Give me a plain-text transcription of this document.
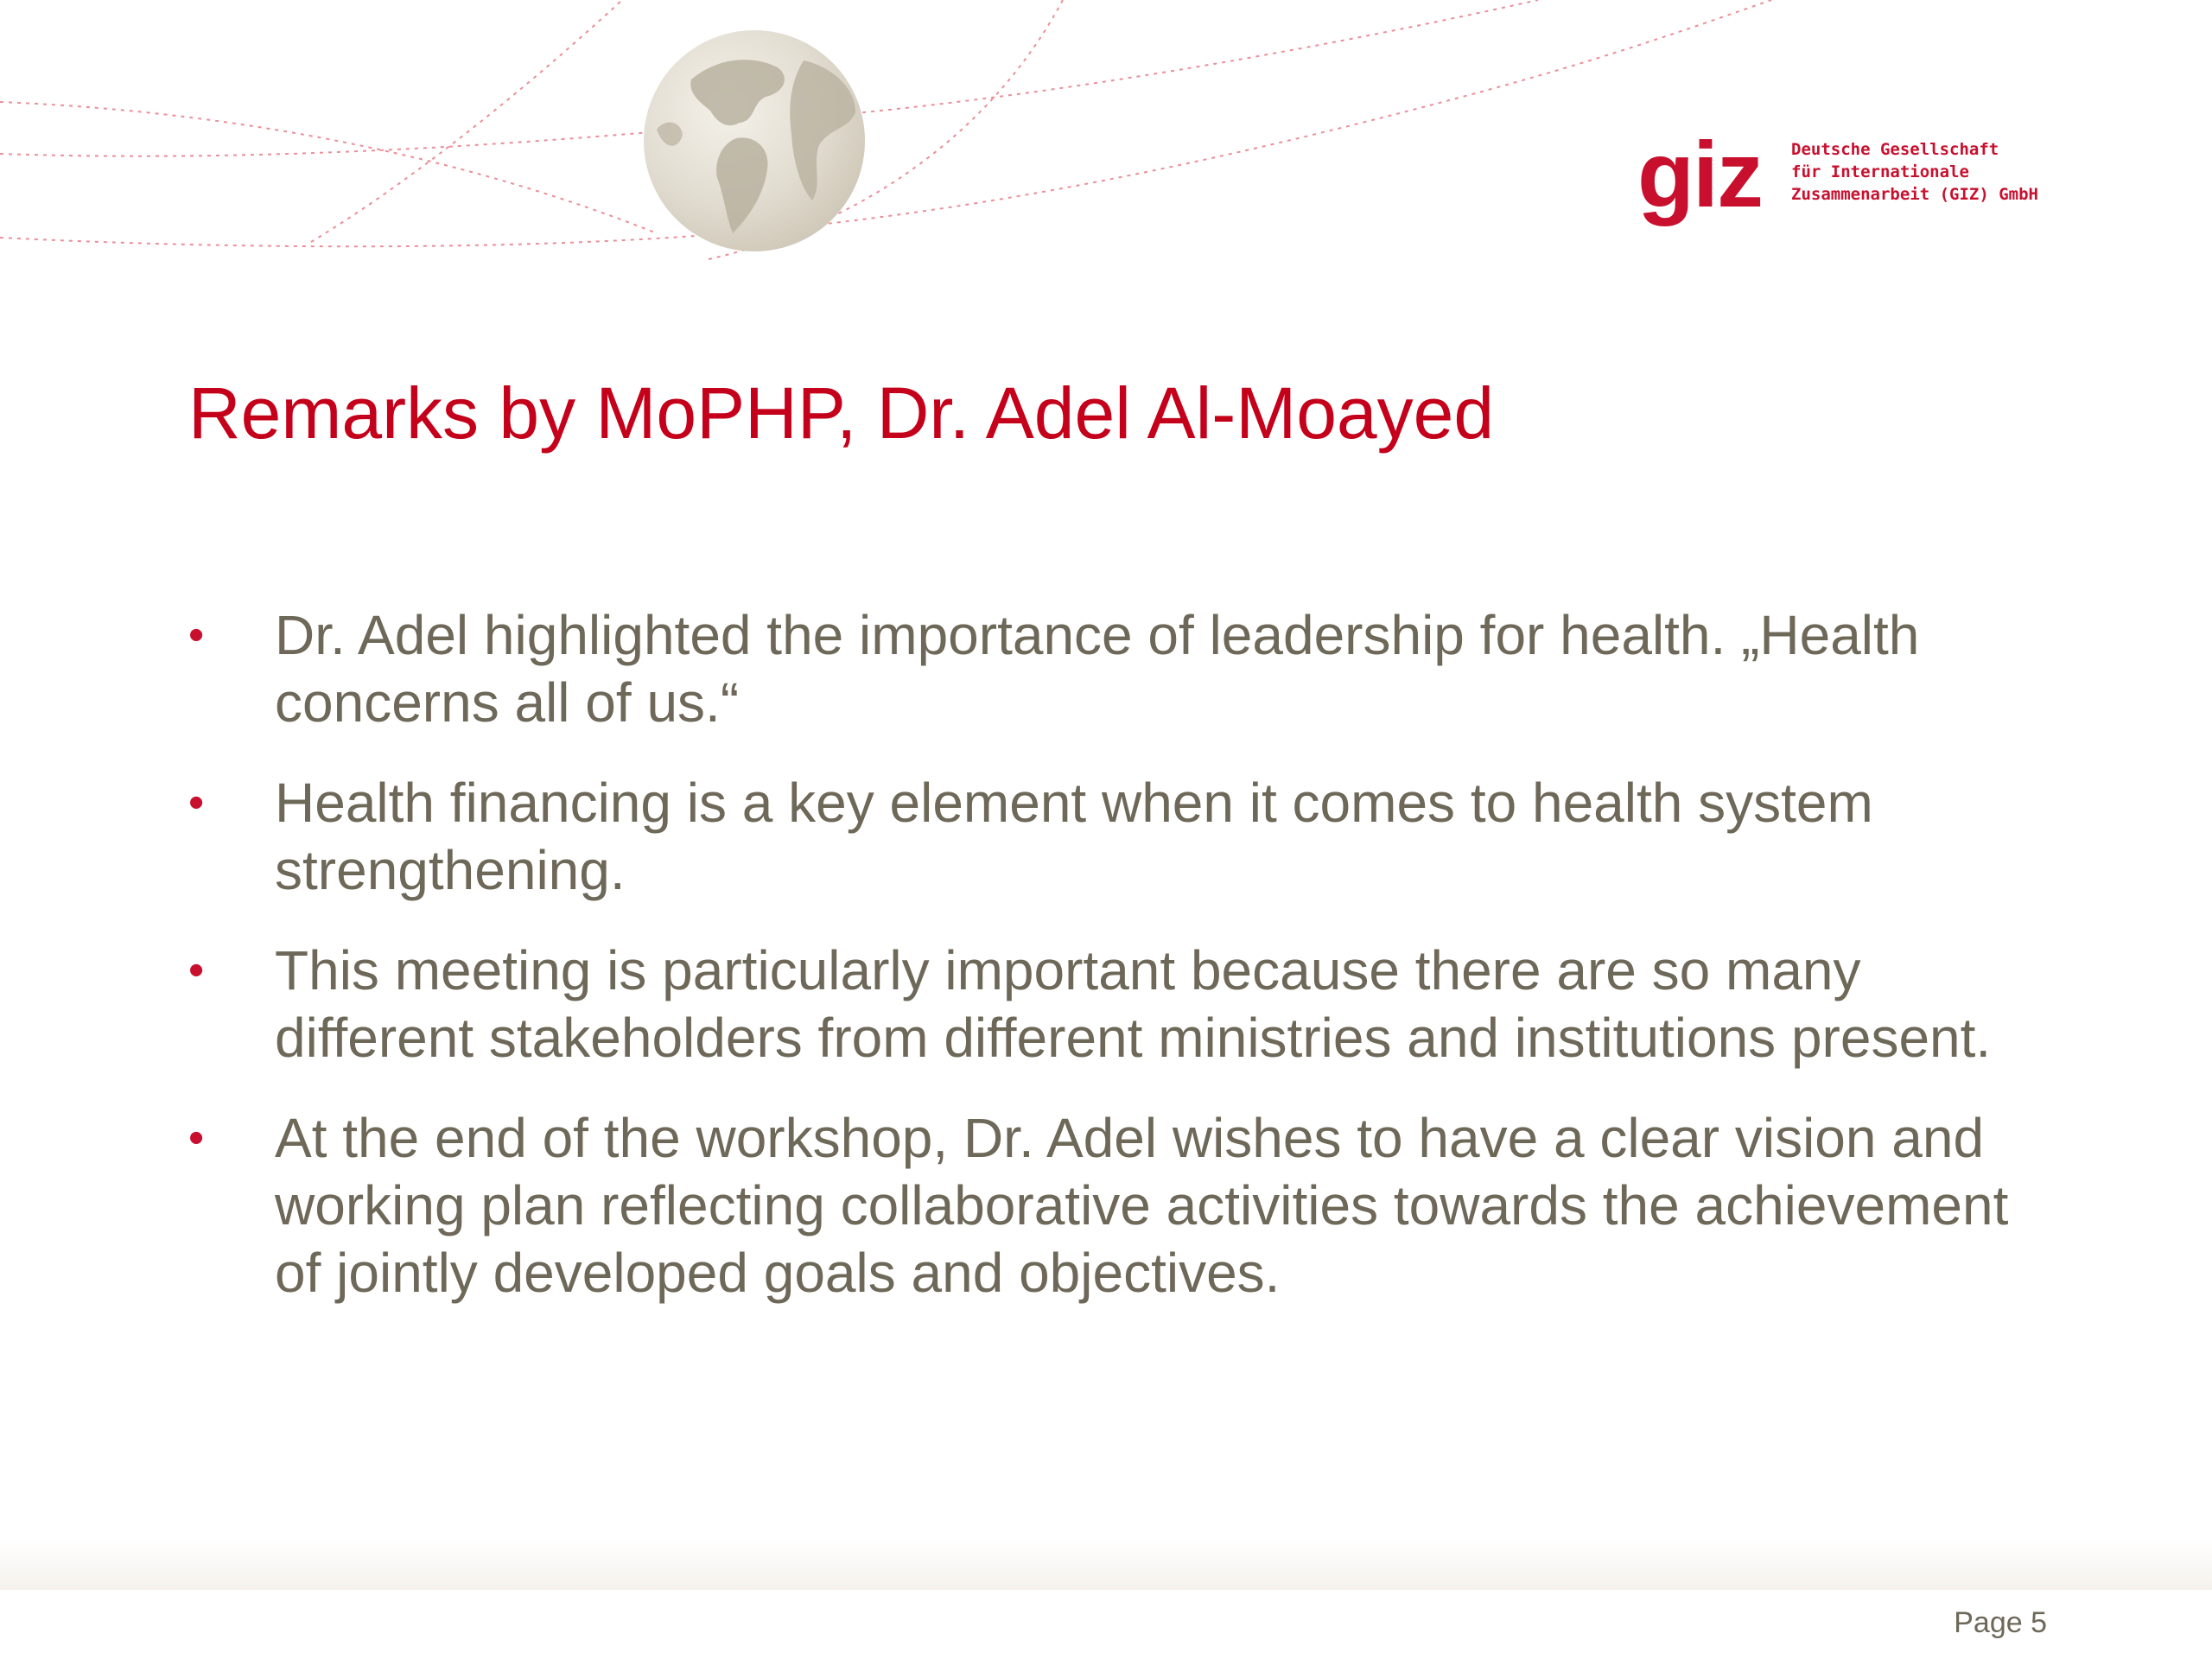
giz Deutsche Gesellschaft
für Internationale
Zusammenarbeit (GIZ) GmbH
Remarks by MoPHP, Dr. Adel Al-Moayed
• Dr. Adel highlighted the importance of leadership for health. „Health concerns all of us.“
• Health financing is a key element when it comes to health system strengthening.
• This meeting is particularly important because there are so many different stakeholders from different ministries and institutions present.
• At the end of the workshop, Dr. Adel wishes to have a clear vision and working plan reflecting collaborative activities towards the achievement of jointly developed goals and objectives.
Page 5
